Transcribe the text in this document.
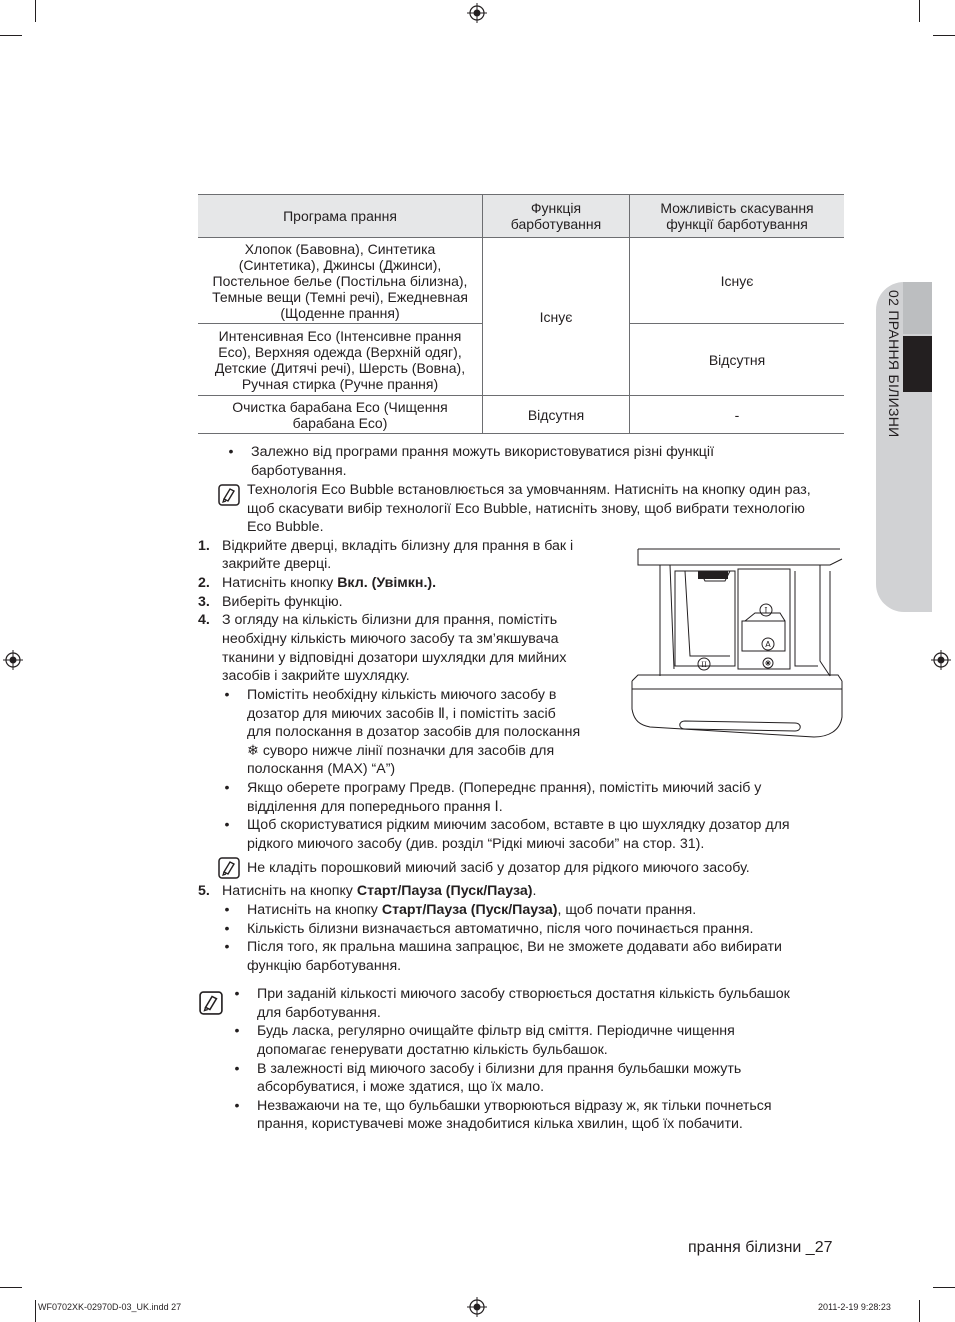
02 ПРАННЯ БІЛИЗНИ
Програма прання	Функція барботування	Можливість скасування функції барботування
Хлопок (Бавовна), Синтетика (Синтетика), Джинсы (Джинси), Постельное белье (Постільна білизна), Темные вещи (Темні речі), Ежедневная (Щоденне прання)	Існує	Існує
Интенсивная Eco (Інтенсивне прання Eco), Верхняя одежда (Верхній одяг), Детские (Дитячі речі), Шерсть (Вовна), Ручная стирка (Ручне прання)		Відсутня
Очистка барабана Eco (Чищення барабана Eco)	Відсутня	-
• Залежно від програми прання можуть використовуватися різні функції барботування.
Технологія Eco Bubble встановлюється за умовчанням. Натисніть на кнопку один раз, щоб скасувати вибір технології Eco Bubble, натисніть знову, щоб вибрати технологію Eco Bubble.
1. Відкрийте дверці, вкладіть білизну для прання в бак і
закрийте дверці.
2. Натисніть кнопку Вкл. (Увімкн.).
3. Виберіть функцію.
4. З огляду на кількість білизни для прання, помістіть
необхідну кількість миючого засобу та зм’якшувача
тканини у відповідні дозатори шухлядки для мийних
засобів і закрийте шухлядку.
• Помістіть необхідну кількість миючого засобу в
дозатор для миючих засобів Ⅱ, і помістіть засіб
для полоскання в дозатор засобів для полоскання
❄ суворо нижче лінії позначки для засобів для
полоскання (MAX) “A”)
• Якщо оберете програму Предв. (Попереднє прання), помістіть миючий засіб у
відділення для попереднього прання Ⅰ.
• Щоб скористуватися рідким миючим засобом, вставте в цю шухлядку дозатор для
рідкого миючого засобу (див. розділ “Рідкі миючі засоби” на стор. 31).
Не кладіть порошковий миючий засіб у дозатор для рідкого миючого засобу.
5. Натисніть на кнопку Старт/Пауза (Пуск/Пауза).
• Натисніть на кнопку Старт/Пауза (Пуск/Пауза), щоб почати прання.
• Кількість білизни визначається автоматично, після чого починається прання.
• Після того, як пральна машина запрацює, Ви не зможете додавати або вибирати
функцію барботування.
• При заданій кількості миючого засобу створюється достатня кількість бульбашок
для барботування.
• Будь ласка, регулярно очищайте фільтр від сміття. Періодичне чищення
допомагає генерувати достатню кількість бульбашок.
• В залежності від миючого засобу і білизни для прання бульбашки можуть
абсорбуватися, і може здатися, що їх мало.
• Незважаючи на те, що бульбашки утворюються відразу ж, як тільки почнеться
прання, користувачеві може знадобитися кілька хвилин, щоб їх побачити.
I
A
II
прання білизни _27
WF0702XK-02970D-03_UK.indd 27	2011-2-19 9:28:23
